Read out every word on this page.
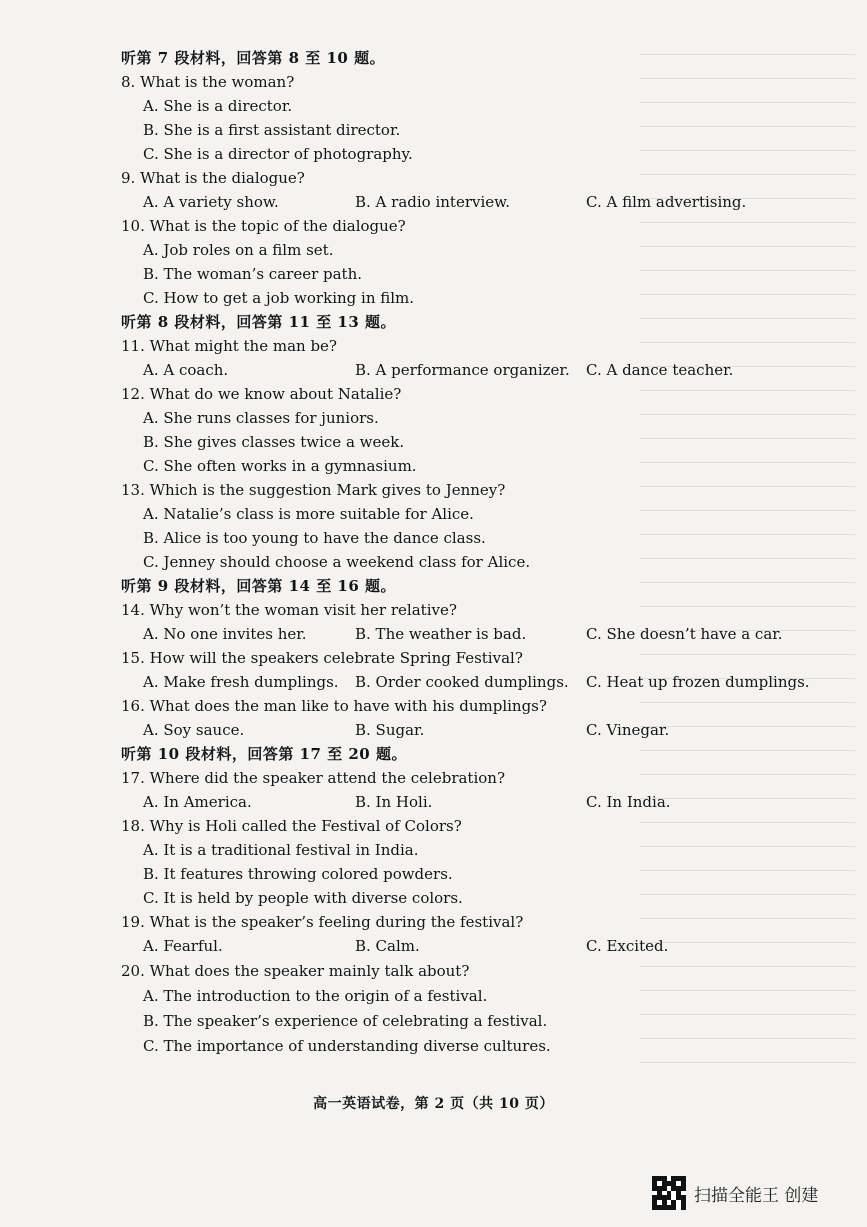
听第 7 段材料，回答第 8 至 10 题。
8. What is the woman?
A. She is a director.
B. She is a first assistant director.
C. She is a director of photography.
9. What is the dialogue?
A. A variety show.	B. A radio interview.	C. A film advertising.
10. What is the topic of the dialogue?
A. Job roles on a film set.
B. The woman’s career path.
C. How to get a job working in film.
听第 8 段材料，回答第 11 至 13 题。
11. What might the man be?
A. A coach.	B. A performance organizer. C. A dance teacher.
12. What do we know about Natalie?
A. She runs classes for juniors.
B. She gives classes twice a week.
C. She often works in a gymnasium.
13. Which is the suggestion Mark gives to Jenney?
A. Natalie’s class is more suitable for Alice.
B. Alice is too young to have the dance class.
C. Jenney should choose a weekend class for Alice.
听第 9 段材料，回答第 14 至 16 题。
14. Why won’t the woman visit her relative?
A. No one invites her.	B. The weather is bad.	C. She doesn’t have a car.
15. How will the speakers celebrate Spring Festival?
A. Make fresh dumplings. B. Order cooked dumplings. C. Heat up frozen dumplings.
16. What does the man like to have with his dumplings?
A. Soy sauce.	B. Sugar.	C. Vinegar.
听第 10 段材料，回答第 17 至 20 题。
17. Where did the speaker attend the celebration?
A. In America.	B. In Holi.	C. In India.
18. Why is Holi called the Festival of Colors?
A. It is a traditional festival in India.
B. It features throwing colored powders.
C. It is held by people with diverse colors.
19. What is the speaker’s feeling during the festival?
A. Fearful.	B. Calm.	C. Excited.
20. What does the speaker mainly talk about?
A. The introduction to the origin of a festival.
B. The speaker’s experience of celebrating a festival.
C. The importance of understanding diverse cultures.
高一英语试卷，第 2 页（共 10 页）
扫描全能王 创建
